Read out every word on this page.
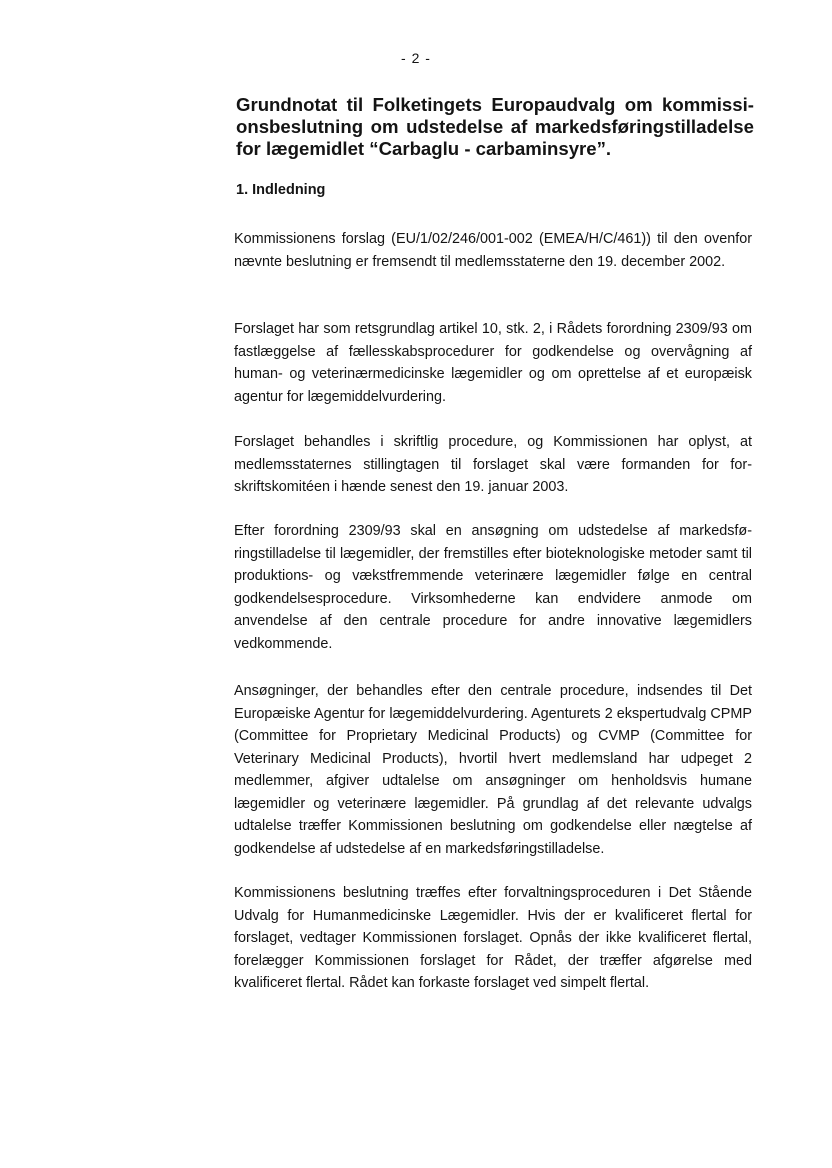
- 2 -
Grundnotat til Folketingets Europaudvalg om kommissionsbeslutning om udstedelse af markedsføringstilladelse for lægemidlet “Carbaglu - carbaminsyre”.
1. Indledning

Kommissionens forslag (EU/1/02/246/001-002 (EMEA/H/C/461)) til den ovenfor nævnte beslutning er fremsendt til medlemsstaterne den 19. december 2002.

Forslaget har som retsgrundlag artikel 10, stk. 2, i Rådets forordning 2309/93 om fastlæggelse af fællesskabsprocedurer for godkendelse og overvågning af human- og veterinærmedicinske lægemidler og om oprettelse af et europæisk agentur for lægemiddelvurdering.

Forslaget behandles i skriftlig procedure, og Kommissionen har oplyst, at medlemsstaternes stillingtagen til forslaget skal være formanden for forskriftskomitéen i hænde senest den 19. januar 2003.

Efter forordning 2309/93 skal en ansøgning om udstedelse af markedsføringstilladelse til lægemidler, der fremstilles efter bioteknologiske metoder samt til produktions- og vækstfremmende veterinære lægemidler følge en central godkendelsesprocedure. Virksomhederne kan endvidere anmode om anvendelse af den centrale procedure for andre innovative lægemidlers vedkommende.

Ansøgninger, der behandles efter den centrale procedure, indsendes til Det Europæiske Agentur for lægemiddelvurdering. Agenturets 2 ekspertudvalg CPMP (Committee for Proprietary Medicinal Products) og CVMP (Committee for Veterinary Medicinal Products), hvortil hvert medlemsland har udpeget 2 medlemmer, afgiver udtalelse om ansøgninger om henholdsvis humane lægemidler og veterinære lægemidler. På grundlag af det relevante udvalgs udtalelse træffer Kommissionen beslutning om godkendelse eller nægtelse af godkendelse af udstedelse af en markedsføringstilladelse.

Kommissionens beslutning træffes efter forvaltningsproceduren i Det Stående Udvalg for Humanmedicinske Lægemidler. Hvis der er kvalificeret flertal for forslaget, vedtager Kommissionen forslaget. Opnås der ikke kvalificeret flertal, forelægger Kommissionen forslaget for Rådet, der træffer afgørelse med kvalificeret flertal. Rådet kan forkaste forslaget ved simpelt flertal.
